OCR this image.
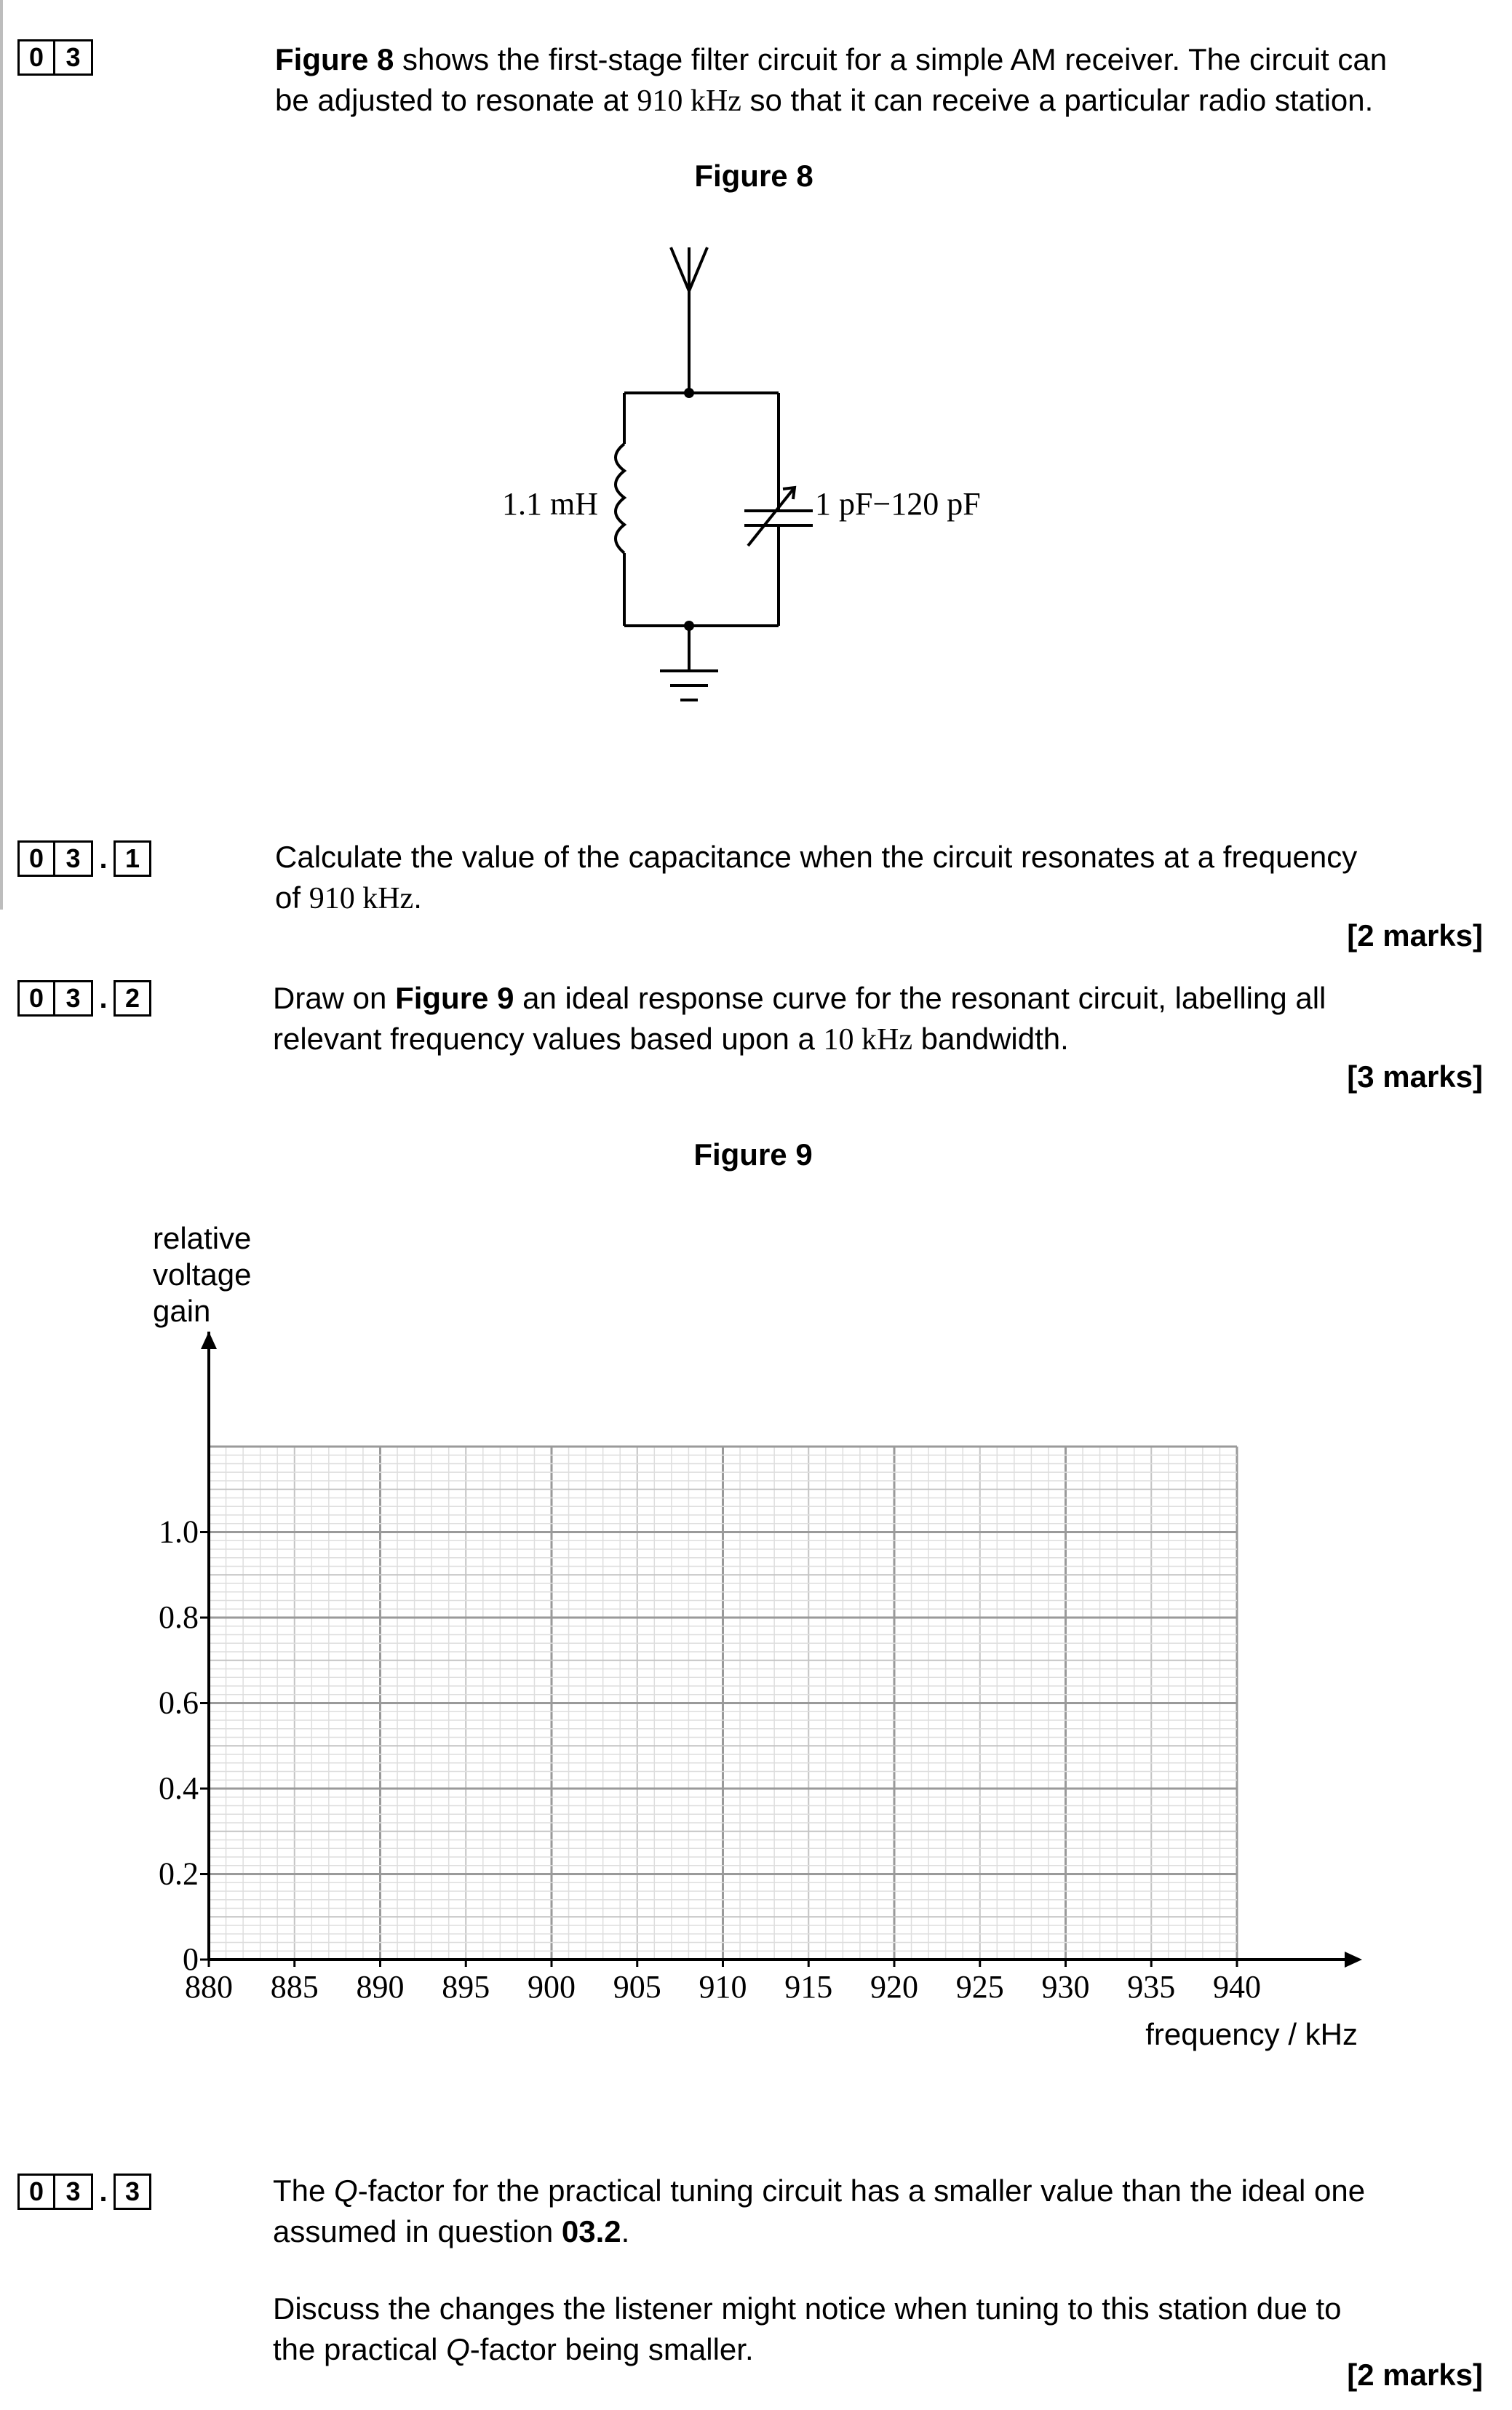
0 3	Figure 8 shows the first-stage filter circuit for a simple AM receiver. The circuit can
be adjusted to resonate at 910 kHz so that it can receive a particular radio station.
Figure 8
1.1 mH	1 pF−120 pF
0 3 . 1	Calculate the value of the capacitance when the circuit resonates at a frequency
of 910 kHz.
[2 marks]
0 3 . 2	Draw on Figure 9 an ideal response curve for the resonant circuit, labelling all
relevant frequency values based upon a 10 kHz bandwidth.
[3 marks]
Figure 9
relative
voltage
gain
0
0.2
0.4
0.6
0.8
1.0
880 885 890 895 900 905 910 915 920 925 930 935 940
frequency / kHz
0 3 . 3	The Q-factor for the practical tuning circuit has a smaller value than the ideal one
assumed in question 03.2.
Discuss the changes the listener might notice when tuning to this station due to
the practical Q-factor being smaller.
[2 marks]
